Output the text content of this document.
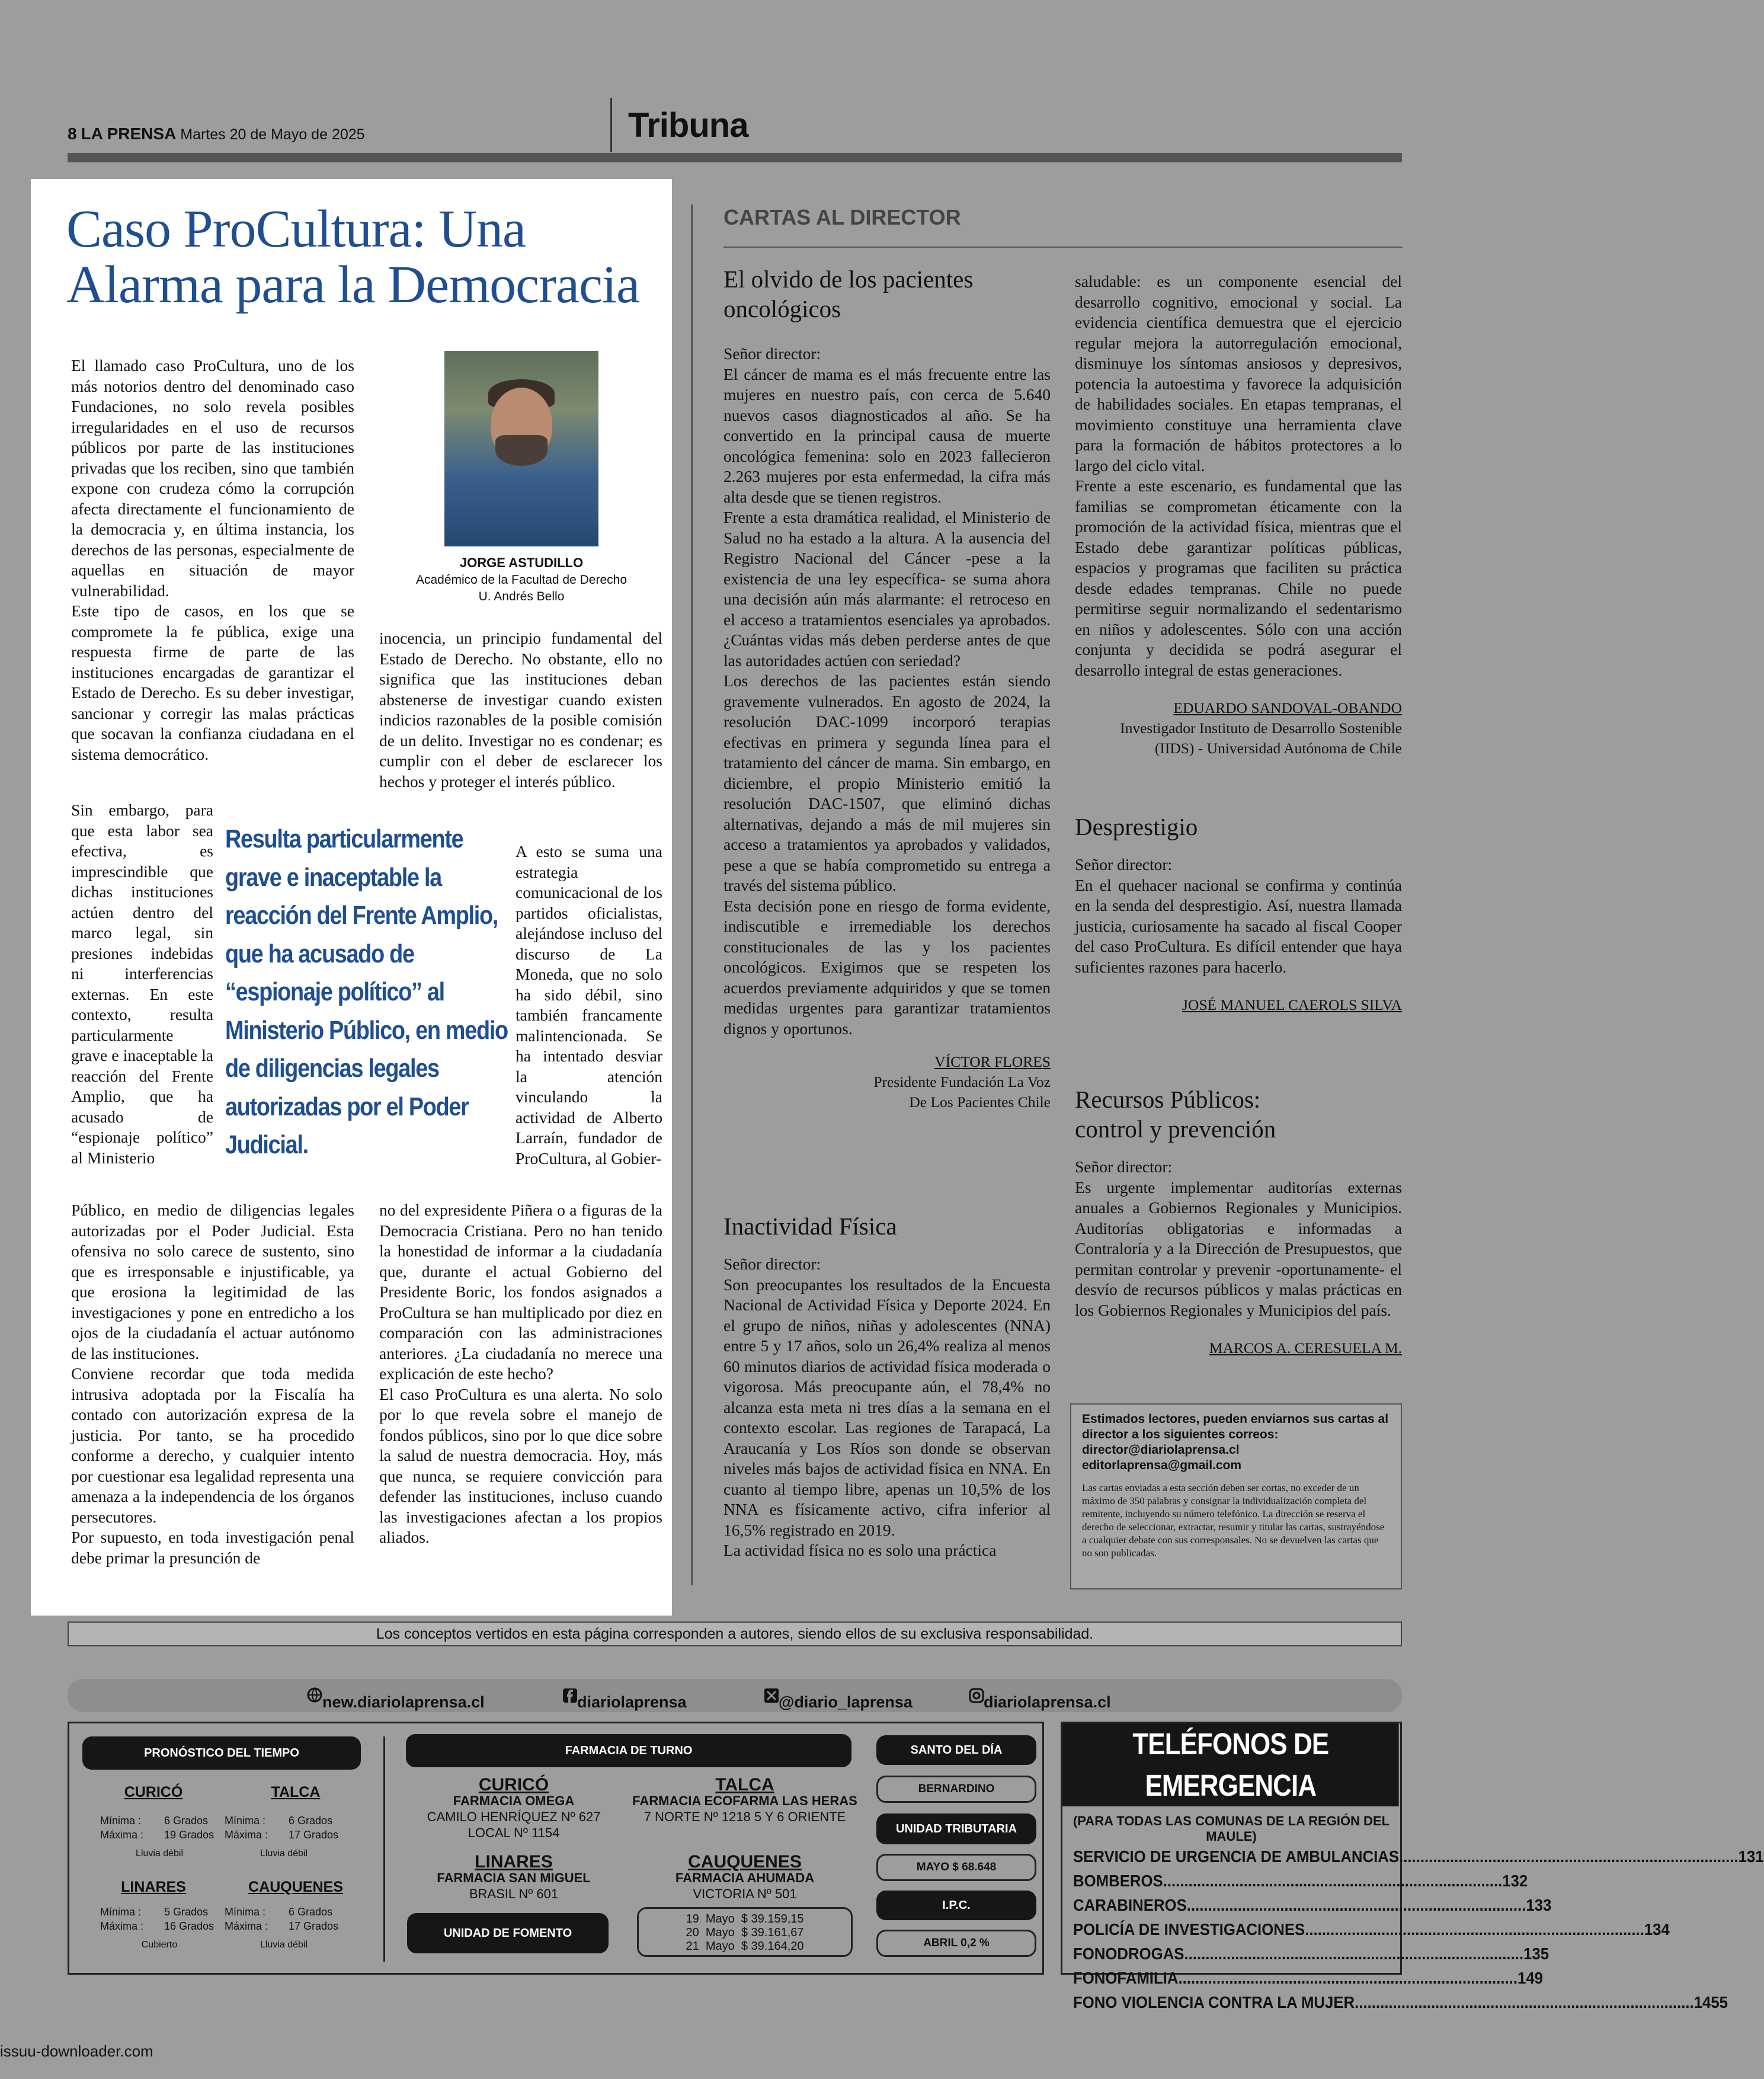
8 LA PRENSA Martes 20 de Mayo de 2025	Tribuna
Caso ProCultura: Una Alarma para la Democracia
El llamado caso ProCultura, uno de los más notorios dentro del denominado caso Fundaciones, no solo revela posibles irregularidades en el uso de recursos públicos por parte de las instituciones privadas que los reciben, sino que también expone con crudeza cómo la corrupción afecta directamente el funcionamiento de la democracia y, en última instancia, los derechos de las personas, especialmente de aquellas en situación de mayor vulnerabilidad.
Este tipo de casos, en los que se compromete la fe pública, exige una respuesta firme de parte de las instituciones encargadas de garantizar el Estado de Derecho. Es su deber investigar, sancionar y corregir las malas prácticas que socavan la confianza ciudadana en el sistema democrático.
JORGE ASTUDILLO
Académico de la Facultad de Derecho
U. Andrés Bello
Sin embargo, para que esta labor sea efectiva, es imprescindible que dichas instituciones actúen dentro del marco legal, sin presiones indebidas ni interferencias externas. En este contexto, resulta particularmente grave e inaceptable la reacción del Frente Amplio, que ha acusado de “espionaje político” al Ministerio
Resulta particularmente grave e inaceptable la reacción del Frente Amplio, que ha acusado de “espionaje político” al Ministerio Público, en medio de diligencias legales autorizadas por el Poder Judicial.
Público, en medio de diligencias legales autorizadas por el Poder Judicial. Esta ofensiva no solo carece de sustento, sino que es irresponsable e injustificable, ya que erosiona la legitimidad de las investigaciones y pone en entredicho a los ojos de la ciudadanía el actuar autónomo de las instituciones.
Conviene recordar que toda medida intrusiva adoptada por la Fiscalía ha contado con autorización expresa de la justicia. Por tanto, se ha procedido conforme a derecho, y cualquier intento por cuestionar esa legalidad representa una amenaza a la independencia de los órganos persecutores.
Por supuesto, en toda investigación penal debe primar la presunción de
inocencia, un principio fundamental del Estado de Derecho. No obstante, ello no significa que las instituciones deban abstenerse de investigar cuando existen indicios razonables de la posible comisión de un delito. Investigar no es condenar; es cumplir con el deber de esclarecer los hechos y proteger el interés público.
A esto se suma una estrategia comunicacional de los partidos oficialistas, alejándose incluso del discurso de La Moneda, que no solo ha sido débil, sino también francamente malintencionada. Se ha intentado desviar la atención vinculando la actividad de Alberto Larraín, fundador de ProCultura, al Gobier-
no del expresidente Piñera o a figuras de la Democracia Cristiana. Pero no han tenido la honestidad de informar a la ciudadanía que, durante el actual Gobierno del Presidente Boric, los fondos asignados a ProCultura se han multiplicado por diez en comparación con las administraciones anteriores. ¿La ciudadanía no merece una explicación de este hecho?
El caso ProCultura es una alerta. No solo por lo que revela sobre el manejo de fondos públicos, sino por lo que dice sobre la salud de nuestra democracia. Hoy, más que nunca, se requiere convicción para defender las instituciones, incluso cuando las investigaciones afectan a los propios aliados.
CARTAS AL DIRECTOR
El olvido de los pacientes oncológicos
Señor director:
El cáncer de mama es el más frecuente entre las mujeres en nuestro país, con cerca de 5.640 nuevos casos diagnosticados al año. Se ha convertido en la principal causa de muerte oncológica femenina: solo en 2023 fallecieron 2.263 mujeres por esta enfermedad, la cifra más alta desde que se tienen registros.
Frente a esta dramática realidad, el Ministerio de Salud no ha estado a la altura. A la ausencia del Registro Nacional del Cáncer -pese a la existencia de una ley específica- se suma ahora una decisión aún más alarmante: el retroceso en el acceso a tratamientos esenciales ya aprobados. ¿Cuántas vidas más deben perderse antes de que las autoridades actúen con seriedad?
Los derechos de las pacientes están siendo gravemente vulnerados. En agosto de 2024, la resolución DAC-1099 incorporó terapias efectivas en primera y segunda línea para el tratamiento del cáncer de mama. Sin embargo, en diciembre, el propio Ministerio emitió la resolución DAC-1507, que eliminó dichas alternativas, dejando a más de mil mujeres sin acceso a tratamientos ya aprobados y validados, pese a que se había comprometido su entrega a través del sistema público.
Esta decisión pone en riesgo de forma evidente, indiscutible e irremediable los derechos constitucionales de las y los pacientes oncológicos. Exigimos que se respeten los acuerdos previamente adquiridos y que se tomen medidas urgentes para garantizar tratamientos dignos y oportunos.
VÍCTOR FLORES
Presidente Fundación La Voz
De Los Pacientes Chile
Inactividad Física
Señor director:
Son preocupantes los resultados de la Encuesta Nacional de Actividad Física y Deporte 2024. En el grupo de niños, niñas y adolescentes (NNA) entre 5 y 17 años, solo un 26,4% realiza al menos 60 minutos diarios de actividad física moderada o vigorosa. Más preocupante aún, el 78,4% no alcanza esta meta ni tres días a la semana en el contexto escolar. Las regiones de Tarapacá, La Araucanía y Los Ríos son donde se observan niveles más bajos de actividad física en NNA. En cuanto al tiempo libre, apenas un 10,5% de los NNA es físicamente activo, cifra inferior al 16,5% registrado en 2019.
La actividad física no es solo una práctica
saludable: es un componente esencial del desarrollo cognitivo, emocional y social. La evidencia científica demuestra que el ejercicio regular mejora la autorregulación emocional, disminuye los síntomas ansiosos y depresivos, potencia la autoestima y favorece la adquisición de habilidades sociales. En etapas tempranas, el movimiento constituye una herramienta clave para la formación de hábitos protectores a lo largo del ciclo vital.
Frente a este escenario, es fundamental que las familias se comprometan éticamente con la promoción de la actividad física, mientras que el Estado debe garantizar políticas públicas, espacios y programas que faciliten su práctica desde edades tempranas. Chile no puede permitirse seguir normalizando el sedentarismo en niños y adolescentes. Sólo con una acción conjunta y decidida se podrá asegurar el desarrollo integral de estas generaciones.
EDUARDO SANDOVAL-OBANDO
Investigador Instituto de Desarrollo Sostenible
(IIDS) - Universidad Autónoma de Chile
Desprestigio
Señor director:
En el quehacer nacional se confirma y continúa en la senda del desprestigio. Así, nuestra llamada justicia, curiosamente ha sacado al fiscal Cooper del caso ProCultura. Es difícil entender que haya suficientes razones para hacerlo.
JOSÉ MANUEL CAEROLS SILVA
Recursos Públicos:
control y prevención
Señor director:
Es urgente implementar auditorías externas anuales a Gobiernos Regionales y Municipios. Auditorías obligatorias e informadas a Contraloría y a la Dirección de Presupuestos, que permitan controlar y prevenir -oportunamente- el desvío de recursos públicos y malas prácticas en los Gobiernos Regionales y Municipios del país.
MARCOS A. CERESUELA M.
Estimados lectores, pueden enviarnos sus cartas al director a los siguientes correos:
director@diariolaprensa.cl
editorlaprensa@gmail.com
Las cartas enviadas a esta sección deben ser cortas, no exceder de un máximo de 350 palabras y consignar la individualización completa del remitente, incluyendo su número telefónico. La dirección se reserva el derecho de seleccionar, extractar, resumir y titular las cartas, sustrayéndose a cualquier debate con sus corresponsales. No se devuelven las cartas que no son publicadas.
Los conceptos vertidos en esta página corresponden a autores, siendo ellos de su exclusiva responsabilidad.
new.diariolaprensa.cl	diariolaprensa	@diario_laprensa	diariolaprensa.cl
PRONÓSTICO DEL TIEMPO
CURICÓ
Mínima : 6 Grados

Máxima : 19 Grados
Lluvia débil
TALCA
Mínima : 6 Grados

Máxima : 17 Grados
Lluvia débil
LINARES
Mínima : 5 Grados

Máxima : 16 Grados
Cubierto
CAUQUENES
Mínima : 6 Grados

Máxima : 17 Grados
Lluvia débil
FARMACIA DE TURNO
CURICÓ
FARMACIA OMEGA
CAMILO HENRÍQUEZ Nº 627
LOCAL Nº 1154
TALCA
FARMACIA ECOFARMA LAS HERAS
7 NORTE Nº 1218 5 Y 6 ORIENTE
LINARES
FARMACIA SAN MIGUEL
BRASIL Nº 601
CAUQUENES
FARMACIA AHUMADA
VICTORIA Nº 501
UNIDAD DE FOMENTO
19 Mayo $ 39.159,15
20 Mayo $ 39.161,67
21 Mayo $ 39.164,20
SANTO DEL DÍA
BERNARDINO
UNIDAD TRIBUTARIA
MAYO $ 68.648
I.P.C.
ABRIL 0,2 %
TELÉFONOS DE EMERGENCIA
(PARA TODAS LAS COMUNAS DE LA REGIÓN DEL MAULE)
SERVICIO DE URGENCIA DE AMBULANCIAS .....	131
BOMBEROS .....	132
CARABINEROS .....	133
POLICÍA DE INVESTIGACIONES .....	134
FONODROGAS .....	135
FONOFAMILIA .....	149
FONO VIOLENCIA CONTRA LA MUJER .....	1455
issuu-downloader.com
